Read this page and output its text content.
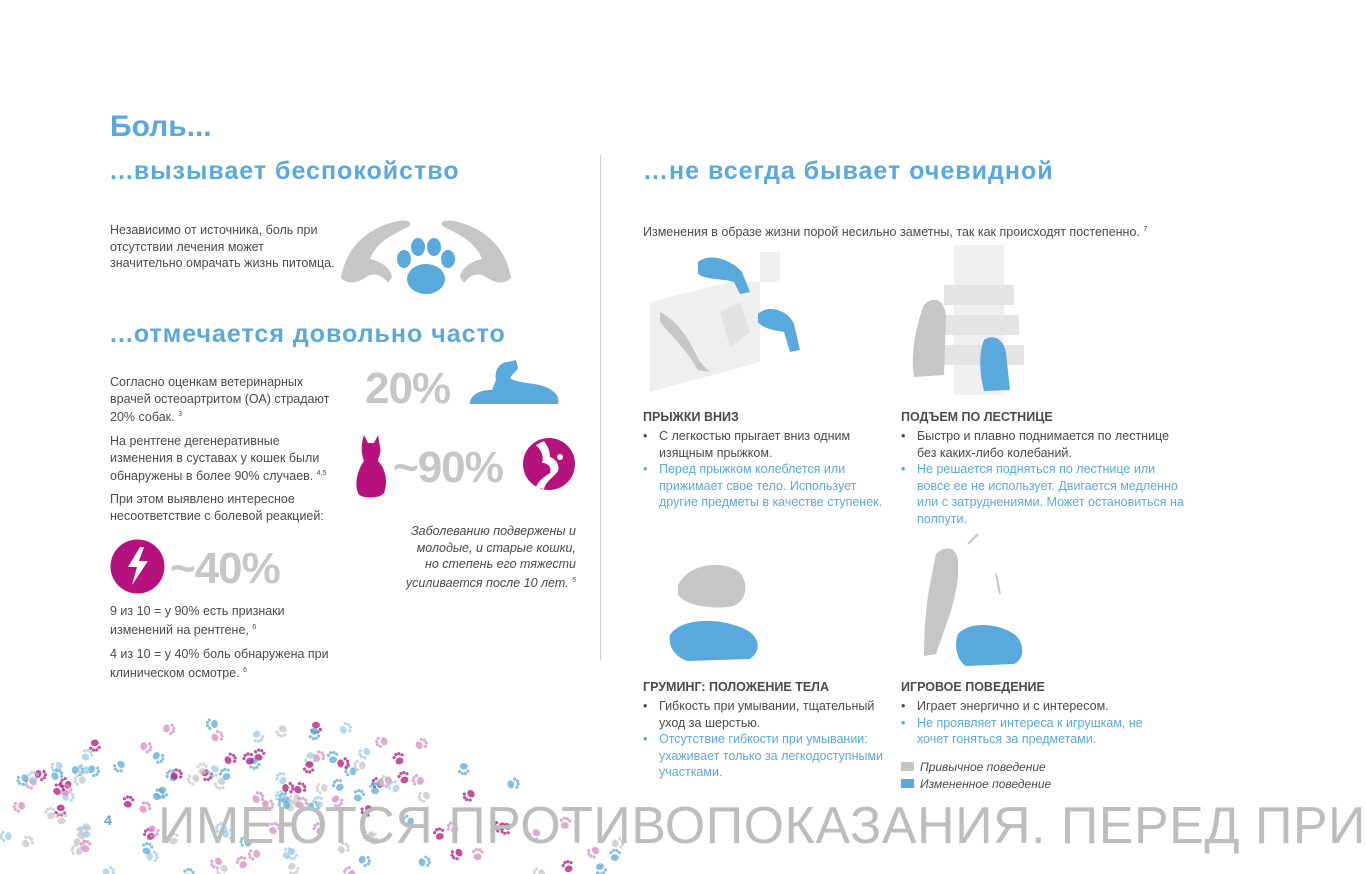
Боль...
...вызывает беспокойство
Независимо от источника, боль при отсутствии лечения может значительно омрачать жизнь питомца.
...отмечается довольно часто
Согласно оценкам ветеринарных врачей остеоартритом (ОА) страдают 20% собак. $^3$
На рентгене дегенеративные изменения в суставах у кошек были обнаружены в более 90% случаев. $^{4,5}$
При этом выявлено интересное несоответствие с болевой реакцией:
20%
~90%
Заболеванию подвержены и молодые, и старые кошки, но степень его тяжести усиливается после 10 лет. $^5$
~40%
9 из 10 = у 90% есть признаки изменений на рентгене, $^6$
4 из 10 = у 40% боль обнаружена при клиническом осмотре. $^6$
…не всегда бывает очевидной
Изменения в образе жизни порой несильно заметны, так как происходят постепенно. $^7$
ПРЫЖКИ ВНИЗ
• С легкостью прыгает вниз одним изящным прыжком.
• Перед прыжком колеблется или прижимает свое тело. Использует другие предметы в качестве ступенек.
ПОДЪЕМ ПО ЛЕСТНИЦЕ
• Быстро и плавно поднимается по лестнице без каких-либо колебаний.
• Не решается подняться по лестнице или вовсе ее не использует. Двигается медленно или с затруднениями. Может остановиться на полпути.
ГРУМИНГ: ПОЛОЖЕНИЕ ТЕЛА
• Гибкость при умывании, тщательный уход за шерстью.
• Отсутствие гибкости при умывании: ухаживает только за легкодоступными участками.
ИГРОВОЕ ПОВЕДЕНИЕ
• Играет энергично и с интересом.
• Не проявляет интереса к игрушкам, не хочет гоняться за предметами.
Привычное поведение
Измененное поведение
4 ИМЕЮТСЯ ПРОТИВОПОКАЗАНИЯ. ПЕРЕД ПРИ
